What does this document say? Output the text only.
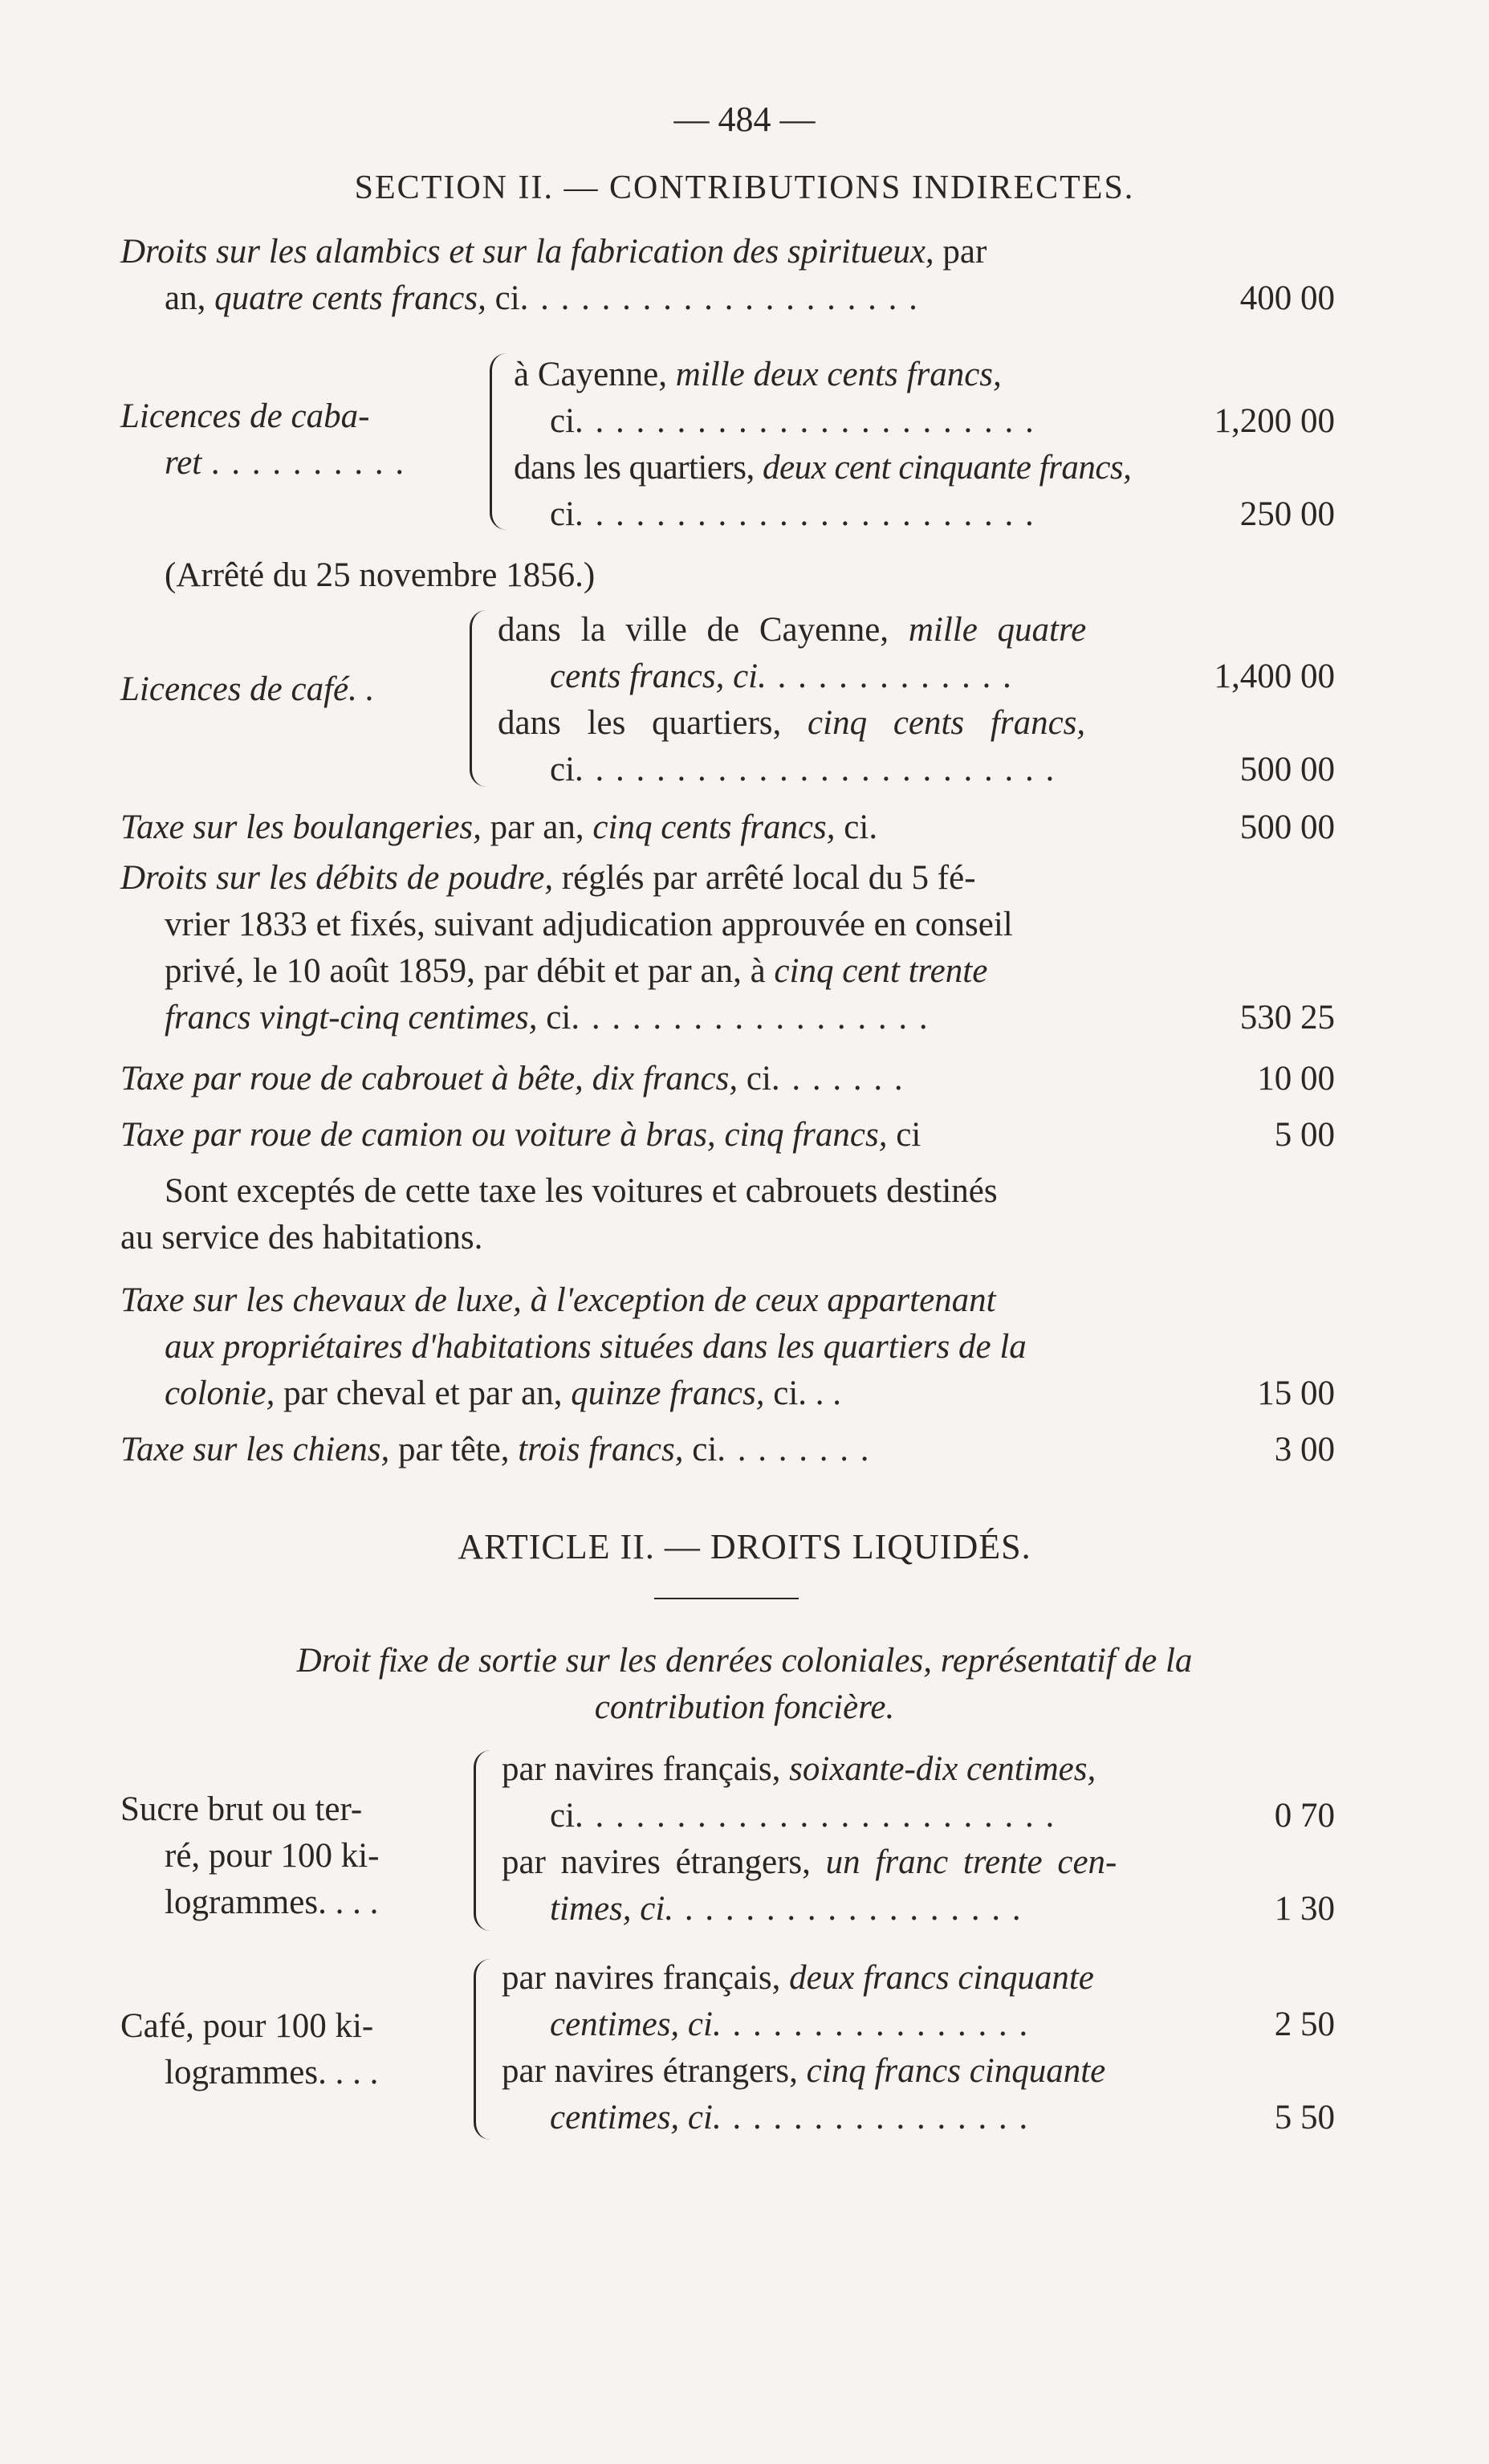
— 484 —
SECTION II. — CONTRIBUTIONS INDIRECTES.
Droits sur les alambics et sur la fabrication des spiritueux, par
an, quatre cents francs, ci. . . . . . . . . . . . . . . . . . . .	400 00
Licences de caba-
ret . . . . . . . . . .
à Cayenne, mille deux cents francs,
ci. . . . . . . . . . . . . . . . . . . . . . .	1,200 00
dans les quartiers, deux cent cinquante francs,
ci. . . . . . . . . . . . . . . . . . . . . . .	250 00
(Arrêté du 25 novembre 1856.)
Licences de café. .
dans la ville de Cayenne, mille quatre
cents francs, ci. . . . . . . . . . . . .	1,400 00
dans les quartiers, cinq cents francs,
ci. . . . . . . . . . . . . . . . . . . . . . . .	500 00
Taxe sur les boulangeries, par an, cinq cents francs, ci.	500 00
Droits sur les débits de poudre, réglés par arrêté local du 5 fé-
vrier 1833 et fixés, suivant adjudication approuvée en conseil
privé, le 10 août 1859, par débit et par an, à cinq cent trente
francs vingt-cinq centimes, ci. . . . . . . . . . . . . . . . . .	530 25
Taxe par roue de cabrouet à bête, dix francs, ci. . . . . . .	10 00
Taxe par roue de camion ou voiture à bras, cinq francs, ci	5 00
Sont exceptés de cette taxe les voitures et cabrouets destinés
au service des habitations.
Taxe sur les chevaux de luxe, à l'exception de ceux appartenant
aux propriétaires d'habitations situées dans les quartiers de la
colonie, par cheval et par an, quinze francs, ci. . .	15 00
Taxe sur les chiens, par tête, trois francs, ci. . . . . . . .	3 00
ARTICLE II. — DROITS LIQUIDÉS.
Droit fixe de sortie sur les denrées coloniales, représentatif de la
contribution foncière.
Sucre brut ou ter-
ré, pour 100 ki-
logrammes. . . .
par navires français, soixante-dix centimes,
ci. . . . . . . . . . . . . . . . . . . . . . . .	0 70
par navires étrangers, un franc trente cen-
times, ci. . . . . . . . . . . . . . . . . .	1 30
Café, pour 100 ki-
logrammes. . . .
par navires français, deux francs cinquante
centimes, ci. . . . . . . . . . . . . . . .	2 50
par navires étrangers, cinq francs cinquante
centimes, ci. . . . . . . . . . . . . . . .	5 50
